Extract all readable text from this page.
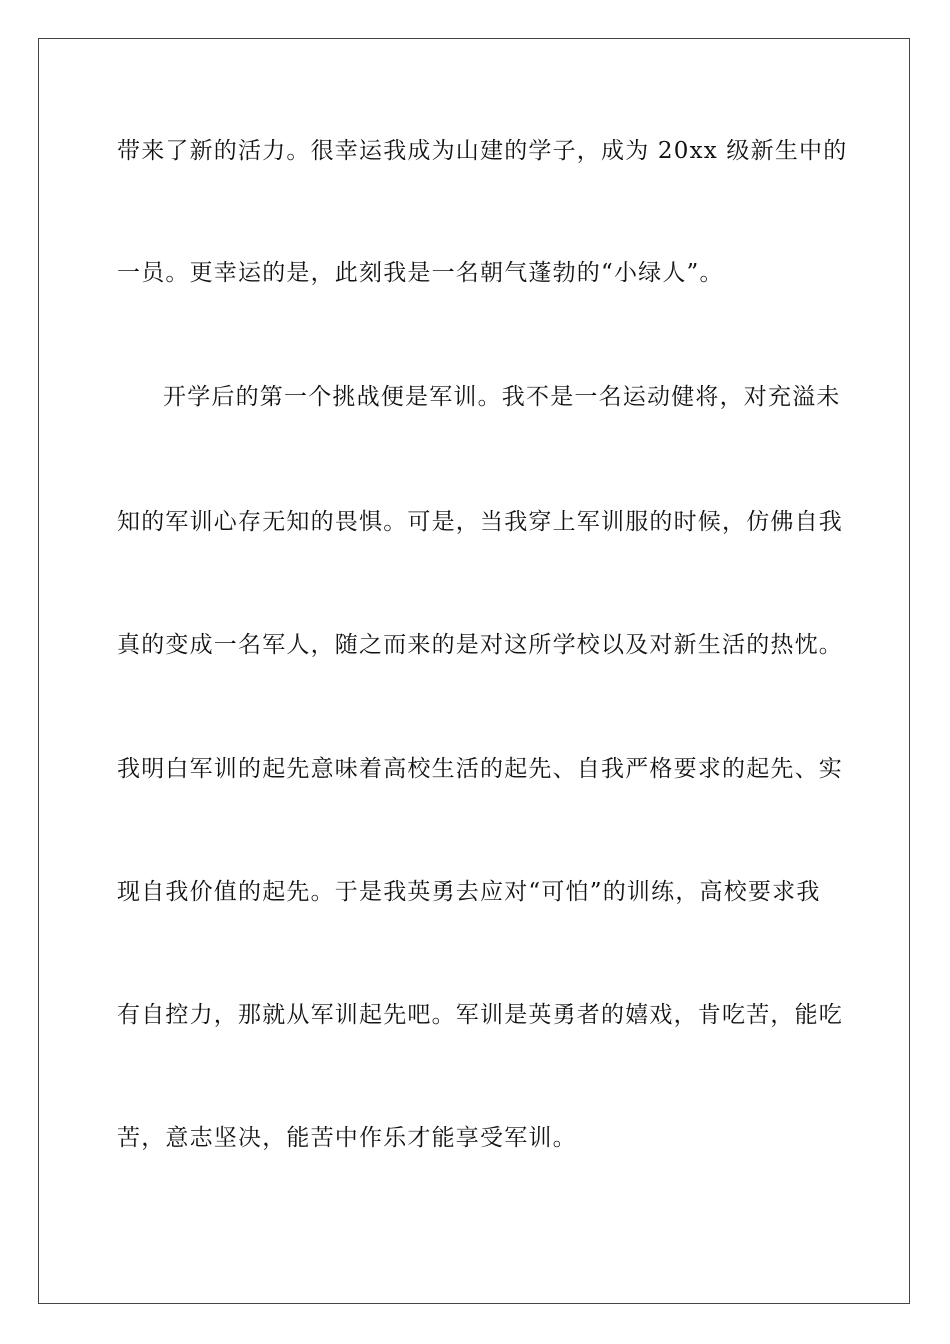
带来了新的活力。很幸运我成为山建的学子，成为 20xx 级新生中的
一员。更幸运的是，此刻我是一名朝气蓬勃的“小绿人”。
开学后的第一个挑战便是军训。我不是一名运动健将，对充溢未
知的军训心存无知的畏惧。可是，当我穿上军训服的时候，仿佛自我
真的变成一名军人，随之而来的是对这所学校以及对新生活的热忱。
我明白军训的起先意味着高校生活的起先、自我严格要求的起先、实
现自我价值的起先。于是我英勇去应对“可怕”的训练，高校要求我
有自控力，那就从军训起先吧。军训是英勇者的嬉戏，肯吃苦，能吃
苦，意志坚决，能苦中作乐才能享受军训。
